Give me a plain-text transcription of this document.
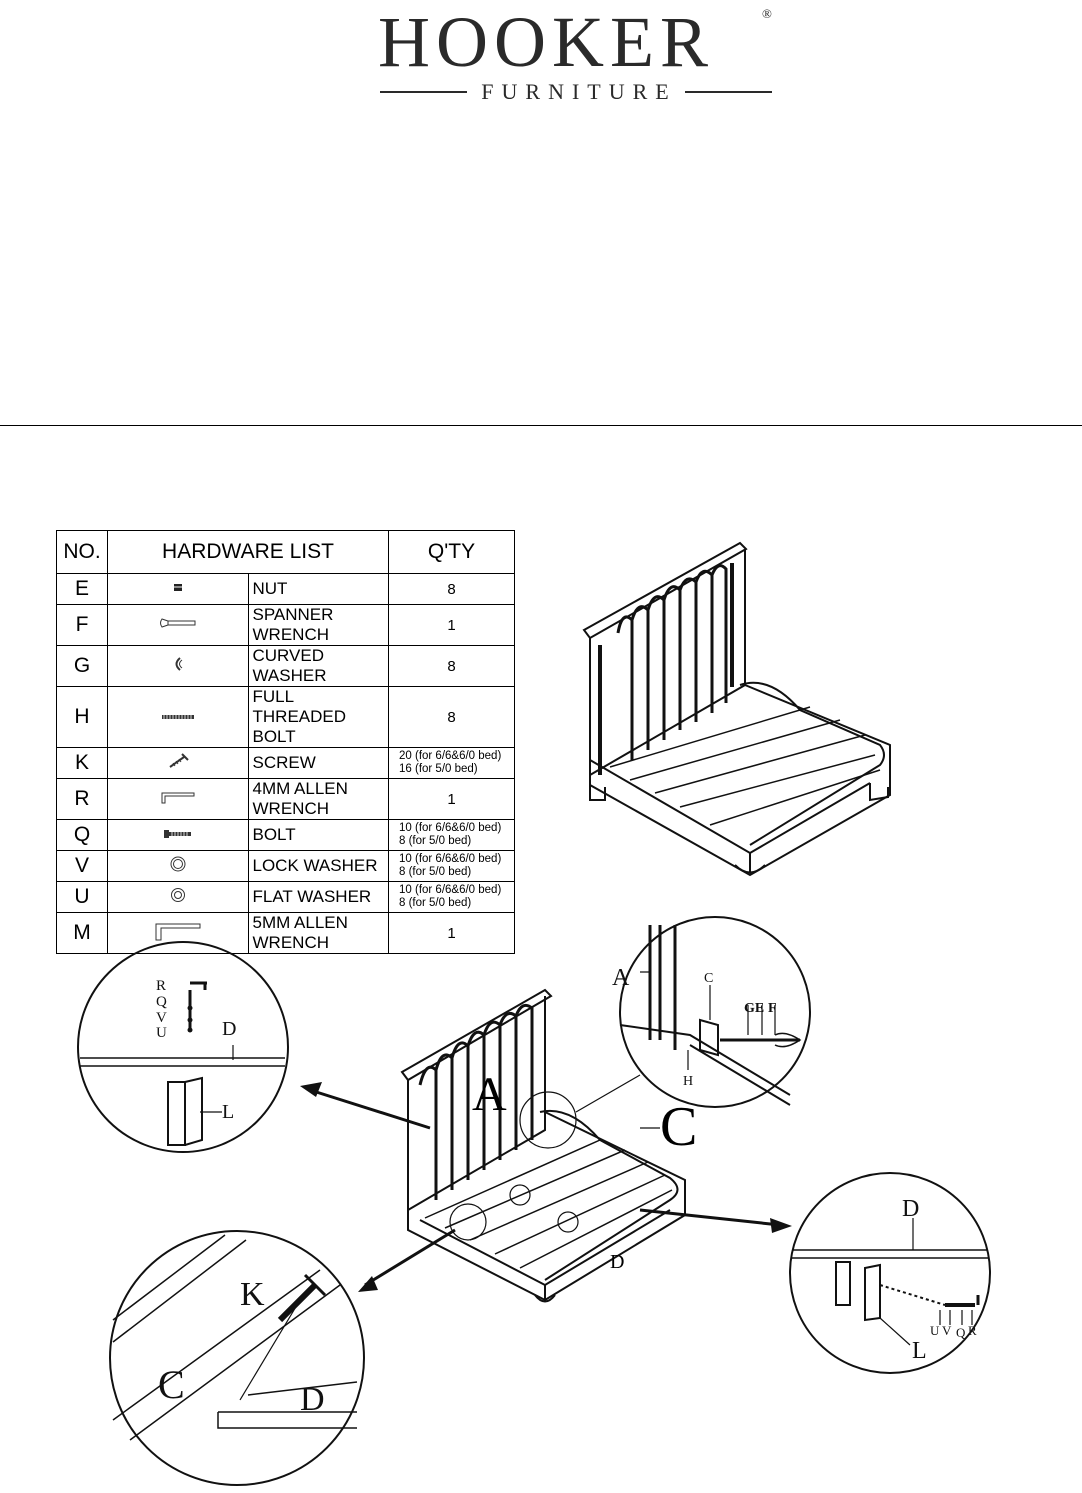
HOOKER	®
FURNITURE
NO.	HARDWARE LIST		Q'TY
E		NUT	8
F		SPANNER WRENCH	1
G		CURVED WASHER	8
H		FULL THREADED BOLT	8
K		SCREW	20 (for 6/6&6/0 bed)
16 (for 5/0 bed)

R		4MM ALLEN WRENCH	1
Q		BOLT	10 (for 6/6&6/0 bed)
8 (for 5/0 bed)

V		LOCK WASHER	10 (for 6/6&6/0 bed)
8 (for 5/0 bed)

U		FLAT WASHER	10 (for 6/6&6/0 bed)
8 (for 5/0 bed)

M		5MM ALLEN WRENCH	1
A
C
D
R
Q
V
U	D
L
A	C
GE F
H
K
C	D
D
L
U V Q R
